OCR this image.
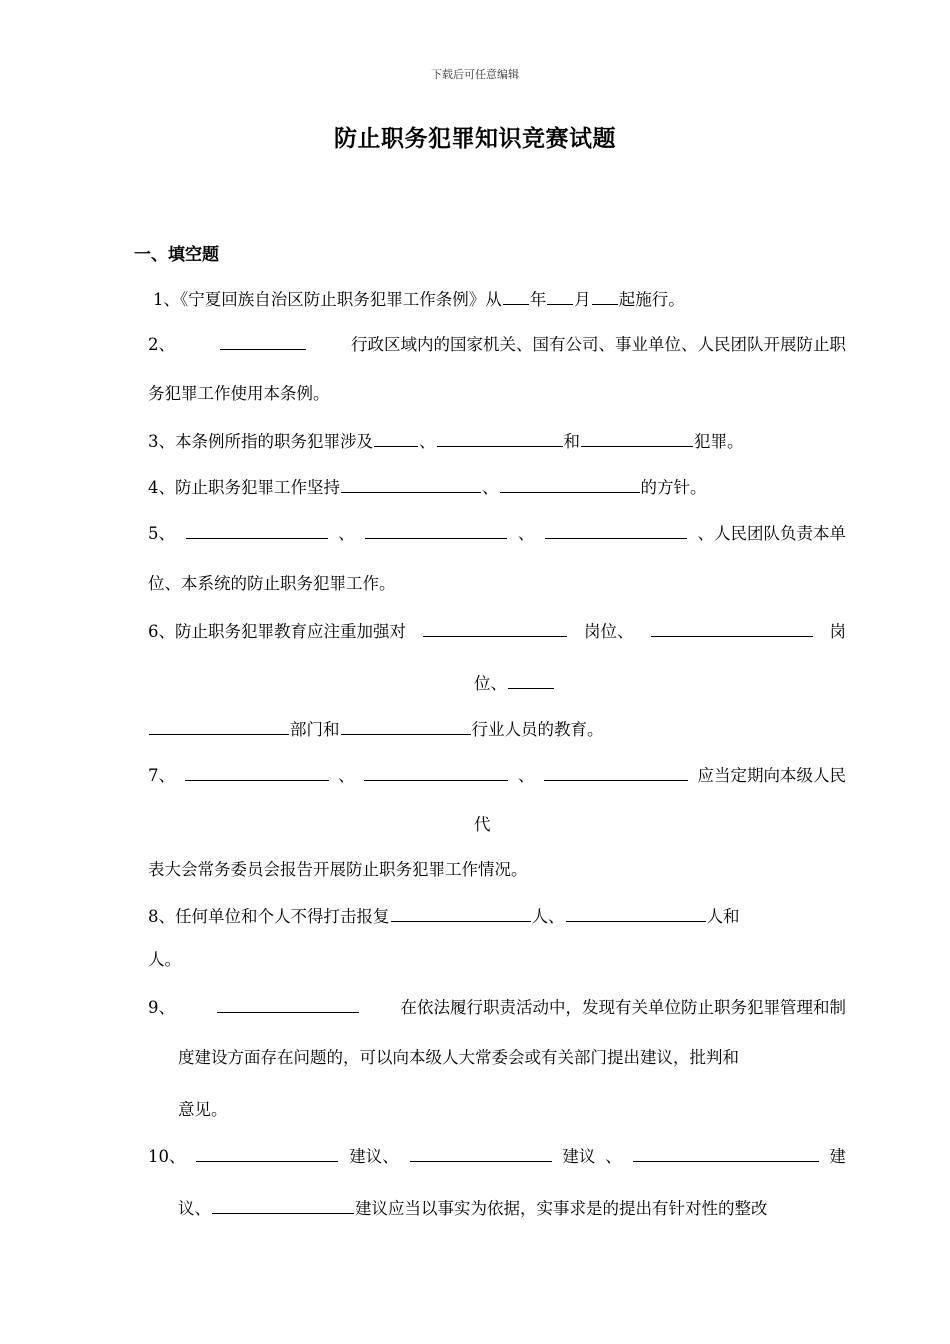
下载后可任意编辑
防止职务犯罪知识竞赛试题
一、填空题
1、《宁夏回族自治区防止职务犯罪工作条例》从 年 月 起施行。
2、	行政区域内的国家机关、国有公司、事业单位、人民团队开展防止职
务犯罪工作使用本条例。
3、本条例所指的职务犯罪涉及	、	和	犯罪。
4、防止职务犯罪工作坚持	、	的方针。
5、	、	、	、人民团队负责本单
位、本系统的防止职务犯罪工作。
6、防止职务犯罪教育应注重加强对	岗位、	岗
位、
部门和	行业人员的教育。
7、	、	、	应当定期向本级人民
代
表大会常务委员会报告开展防止职务犯罪工作情况。
8、任何单位和个人不得打击报复	人、	人和
人。
9、	在依法履行职责活动中，发现有关单位防止职务犯罪管理和制
度建设方面存在问题的，可以向本级人大常委会或有关部门提出建议，批判和
意见。
10、	建议、	建议 、	建
议、	建议应当以事实为依据，实事求是的提出有针对性的整改
